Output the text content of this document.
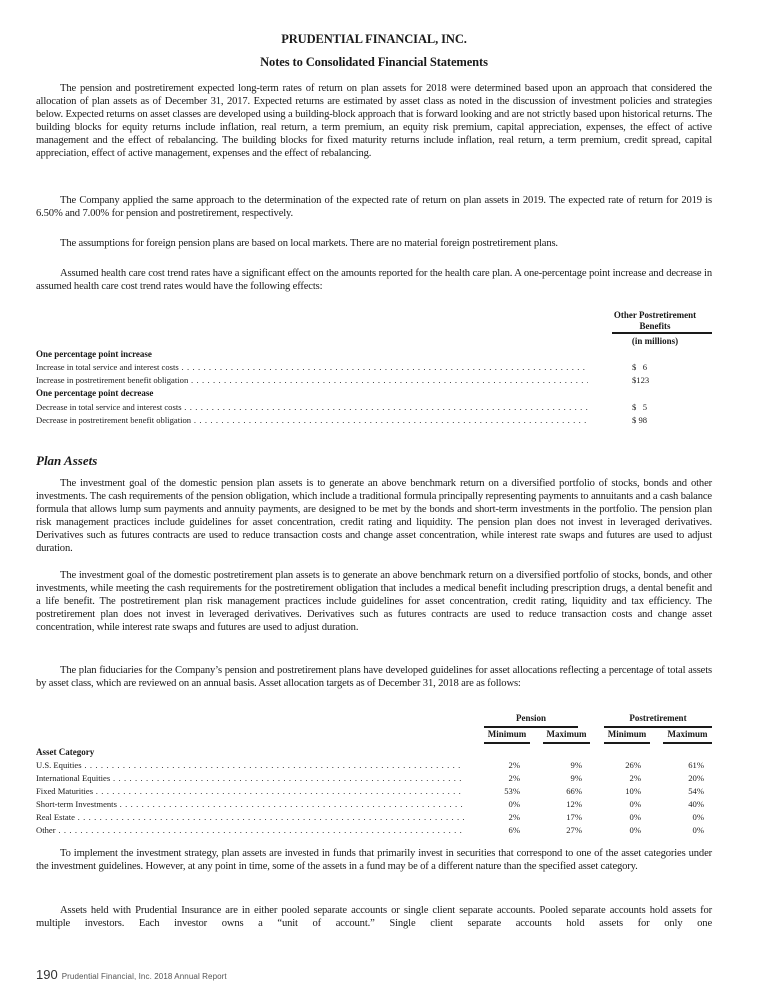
PRUDENTIAL FINANCIAL, INC.
Notes to Consolidated Financial Statements

The pension and postretirement expected long-term rates of return on plan assets for 2018 were determined based upon an approach that considered the allocation of plan assets as of December 31, 2017. Expected returns are estimated by asset class as noted in the discussion of investment policies and strategies below. Expected returns on asset classes are developed using a building-block approach that is forward looking and are not strictly based upon historical returns. The building blocks for equity returns include inflation, real return, a term premium, an equity risk premium, capital appreciation, expenses, the effect of active management and the effect of rebalancing. The building blocks for fixed maturity returns include inflation, real return, a term premium, credit spread, capital appreciation, effect of active management, expenses and the effect of rebalancing.

The Company applied the same approach to the determination of the expected rate of return on plan assets in 2019. The expected rate of return for 2019 is 6.50% and 7.00% for pension and postretirement, respectively.

The assumptions for foreign pension plans are based on local markets. There are no material foreign postretirement plans.

Assumed health care cost trend rates have a significant effect on the amounts reported for the health care plan. A one-percentage point increase and decrease in assumed health care cost trend rates would have the following effects:

Other Postretirement
Benefits
(in millions)
One percentage point increase
Increase in total service and interest costs . . .	$   6
Increase in postretirement benefit obligation . . .	$123
One percentage point decrease
Decrease in total service and interest costs . . .	$   5
Decrease in postretirement benefit obligation . . .	$ 98
Plan Assets

The investment goal of the domestic pension plan assets is to generate an above benchmark return on a diversified portfolio of stocks, bonds and other investments. The cash requirements of the pension obligation, which include a traditional formula principally representing payments to annuitants and a cash balance formula that allows lump sum payments and annuity payments, are designed to be met by the bonds and short-term investments in the portfolio. The pension plan risk management practices include guidelines for asset concentration, credit rating and liquidity. The pension plan does not invest in leveraged derivatives. Derivatives such as futures contracts are used to reduce transaction costs and change asset concentration, while interest rate swaps and futures are used to adjust duration.

The investment goal of the domestic postretirement plan assets is to generate an above benchmark return on a diversified portfolio of stocks, bonds, and other investments, while meeting the cash requirements for the postretirement obligation that includes a medical benefit including prescription drugs, a dental benefit and a life benefit. The postretirement plan risk management practices include guidelines for asset concentration, credit rating, liquidity and tax efficiency. The postretirement plan does not invest in leveraged derivatives. Derivatives such as futures contracts are used to reduce transaction costs and change asset concentration, while interest rate swaps and futures are used to adjust duration.

The plan fiduciaries for the Company’s pension and postretirement plans have developed guidelines for asset allocations reflecting a percentage of total assets by asset class, which are reviewed on an annual basis. Asset allocation targets as of December 31, 2018 are as follows:

Pension	Postretirement
Minimum	Maximum	Minimum	Maximum
Asset Category
U.S. Equities . . .	2%	9%	26%	61%
International Equities . . .	2%	9%	2%	20%
Fixed Maturities . . .	53%	66%	10%	54%
Short-term Investments . . .	0%	12%	0%	40%
Real Estate . . .	2%	17%	0%	0%
Other . . .	6%	27%	0%	0%

To implement the investment strategy, plan assets are invested in funds that primarily invest in securities that correspond to one of the asset categories under the investment guidelines. However, at any point in time, some of the assets in a fund may be of a different nature than the specified asset category.

Assets held with Prudential Insurance are in either pooled separate accounts or single client separate accounts. Pooled separate accounts hold assets for multiple investors. Each investor owns a “unit of account.” Single client separate accounts hold assets for only one

190 Prudential Financial, Inc. 2018 Annual Report
